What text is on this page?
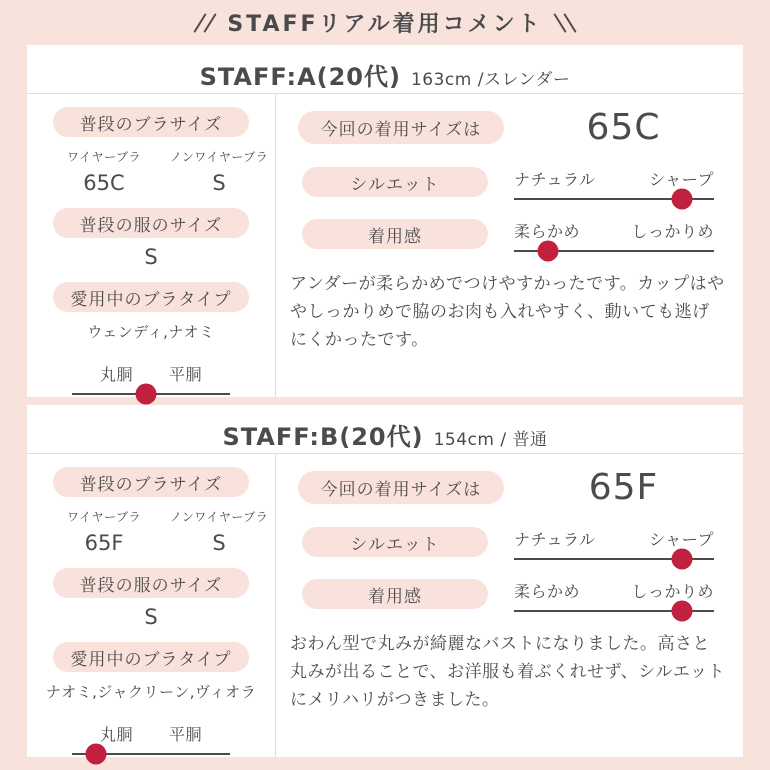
STAFFリアル着用コメント
STAFF:A(20代) 163cm /スレンダー
普段のブラサイズ
ワイヤーブラ
65C
ノンワイヤーブラ
S
普段の服のサイズ
S
愛用中のブラタイプ
ウェンディ,ナオミ
丸胴 平胴
今回の着用サイズは	65C
シルエット	ナチュラル	シャープ
着用感	柔らかめ	しっかりめ

アンダーが柔らかめでつけやすかったです。カップはややしっかりめで脇のお肉も入れやすく、動いても逃げにくかったです。

STAFF:B(20代) 154cm / 普通
普段のブラサイズ
ワイヤーブラ
65F
ノンワイヤーブラ
S
普段の服のサイズ
S
愛用中のブラタイプ
ナオミ,ジャクリーン,ヴィオラ
丸胴 平胴
今回の着用サイズは	65F
シルエット	ナチュラル	シャープ
着用感	柔らかめ	しっかりめ

おわん型で丸みが綺麗なバストになりました。高さと丸みが出ることで、お洋服も着ぶくれせず、シルエットにメリハリがつきました。
